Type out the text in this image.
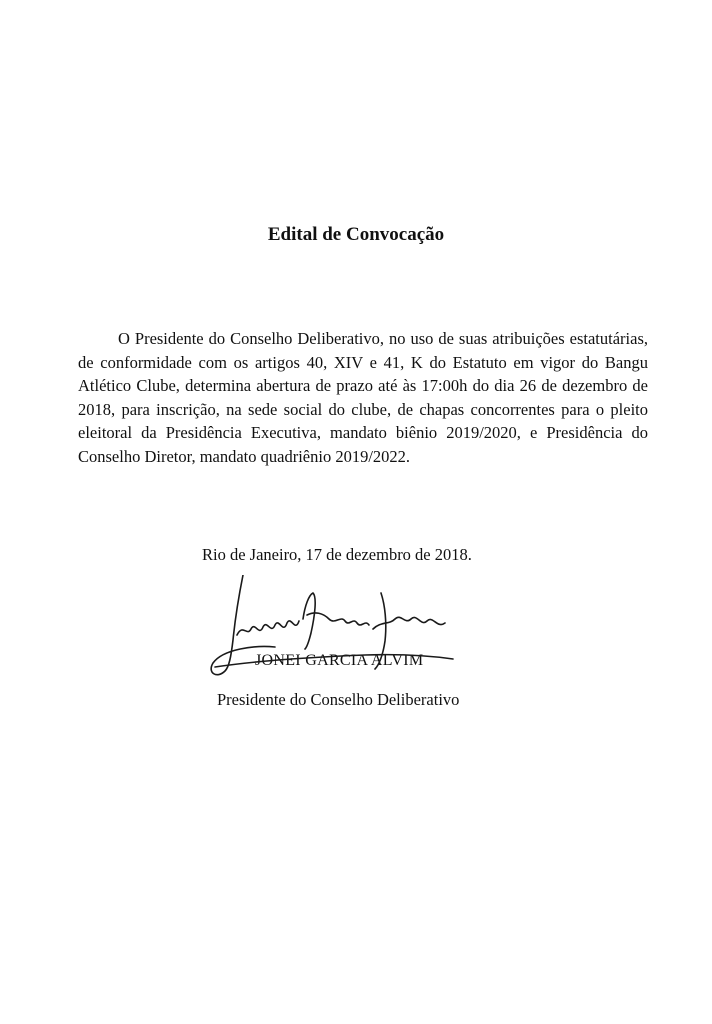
Edital de Convocação

O Presidente do Conselho Deliberativo, no uso de suas atribuições estatutárias, de conformidade com os artigos 40, XIV e 41, K do Estatuto em vigor do Bangu Atlético Clube, determina abertura de prazo até às 17:00h do dia 26 de dezembro de 2018, para inscrição, na sede social do clube, de chapas concorrentes para o pleito eleitoral da Presidência Executiva, mandato biênio 2019/2020, e Presidência do Conselho Diretor, mandato quadriênio 2019/2022.

Rio de Janeiro, 17 de dezembro de 2018.

JONEI GARCIA ALVIM

Presidente do Conselho Deliberativo
